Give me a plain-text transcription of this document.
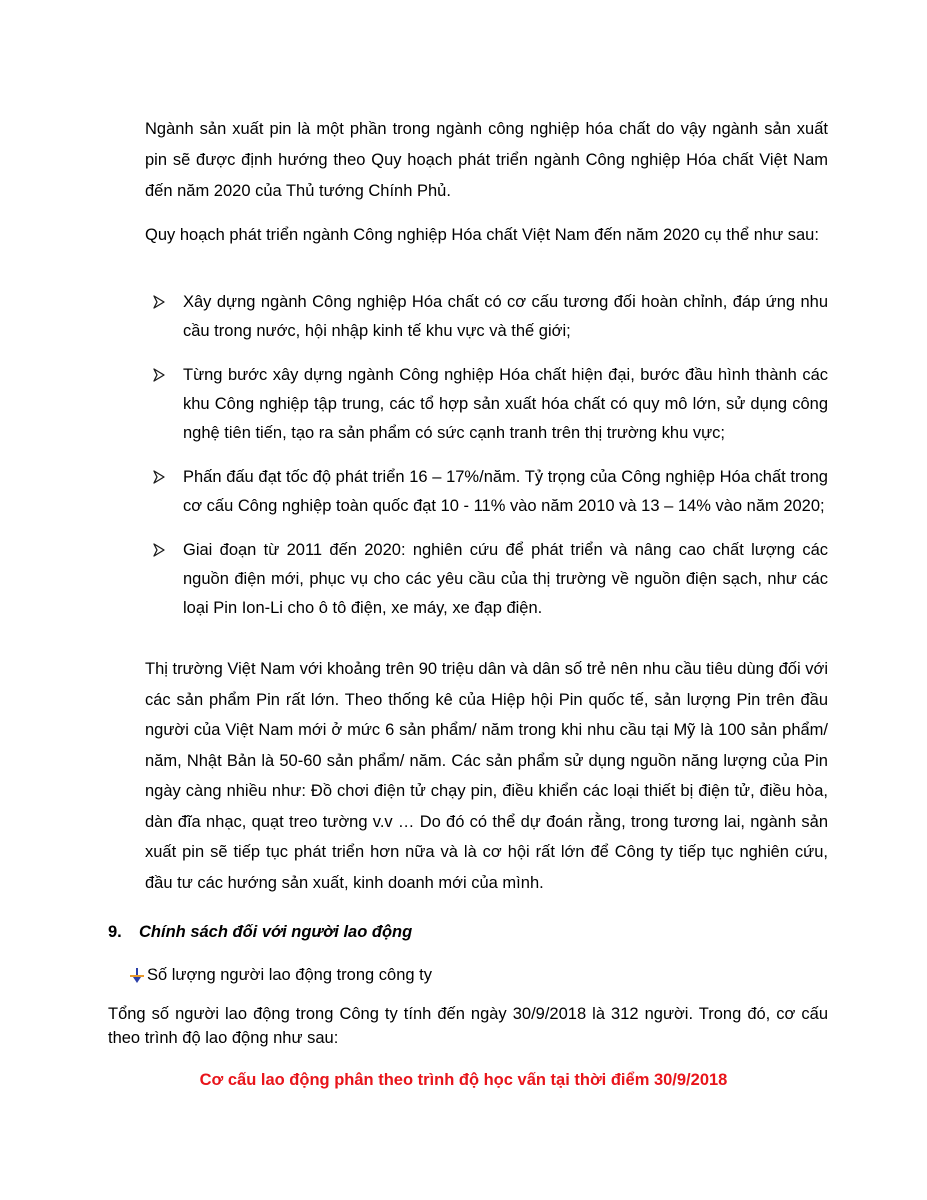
Ngành sản xuất pin là một phần trong ngành công nghiệp hóa chất do vậy ngành sản xuất pin sẽ được định hướng theo Quy hoạch phát triển ngành Công nghiệp Hóa chất Việt Nam đến năm 2020 của Thủ tướng Chính Phủ.

Quy hoạch phát triển ngành Công nghiệp Hóa chất Việt Nam đến năm 2020 cụ thể như sau:

Xây dựng ngành Công nghiệp Hóa chất có cơ cấu tương đối hoàn chỉnh, đáp ứng nhu cầu trong nước, hội nhập kinh tế khu vực và thế giới;
Từng bước xây dựng ngành Công nghiệp Hóa chất hiện đại, bước đầu hình thành các khu Công nghiệp tập trung, các tổ hợp sản xuất hóa chất có quy mô lớn, sử dụng công nghệ tiên tiến, tạo ra sản phẩm có sức cạnh tranh trên thị trường khu vực;
Phấn đấu đạt tốc độ phát triển 16 – 17%/năm. Tỷ trọng của Công nghiệp Hóa chất trong cơ cấu Công nghiệp toàn quốc đạt 10 - 11% vào năm 2010 và 13 – 14% vào năm 2020;
Giai đoạn từ 2011 đến 2020: nghiên cứu để phát triển và nâng cao chất lượng các nguồn điện mới, phục vụ cho các yêu cầu của thị trường về nguồn điện sạch, như các loại Pin Ion-Li cho ô tô điện, xe máy, xe đạp điện.

Thị trường Việt Nam với khoảng trên 90 triệu dân và dân số trẻ nên nhu cầu tiêu dùng đối với các sản phẩm Pin rất lớn. Theo thống kê của Hiệp hội Pin quốc tế, sản lượng Pin trên đầu người của Việt Nam mới ở mức 6 sản phẩm/ năm trong khi nhu cầu tại Mỹ là 100 sản phẩm/ năm, Nhật Bản là 50-60 sản phẩm/ năm. Các sản phẩm sử dụng nguồn năng lượng của Pin ngày càng nhiều như: Đồ chơi điện tử chạy pin, điều khiển các loại thiết bị điện tử, điều hòa, dàn đĩa nhạc, quạt treo tường v.v … Do đó có thể dự đoán rằng, trong tương lai, ngành sản xuất pin sẽ tiếp tục phát triển hơn nữa và là cơ hội rất lớn để Công ty tiếp tục nghiên cứu, đầu tư các hướng sản xuất, kinh doanh mới của mình.

9. Chính sách đối với người lao động

Số lượng người lao động trong công ty

Tổng số người lao động trong Công ty tính đến ngày 30/9/2018 là 312 người. Trong đó, cơ cấu theo trình độ lao động như sau:

Cơ cấu lao động phân theo trình độ học vấn tại thời điểm 30/9/2018
